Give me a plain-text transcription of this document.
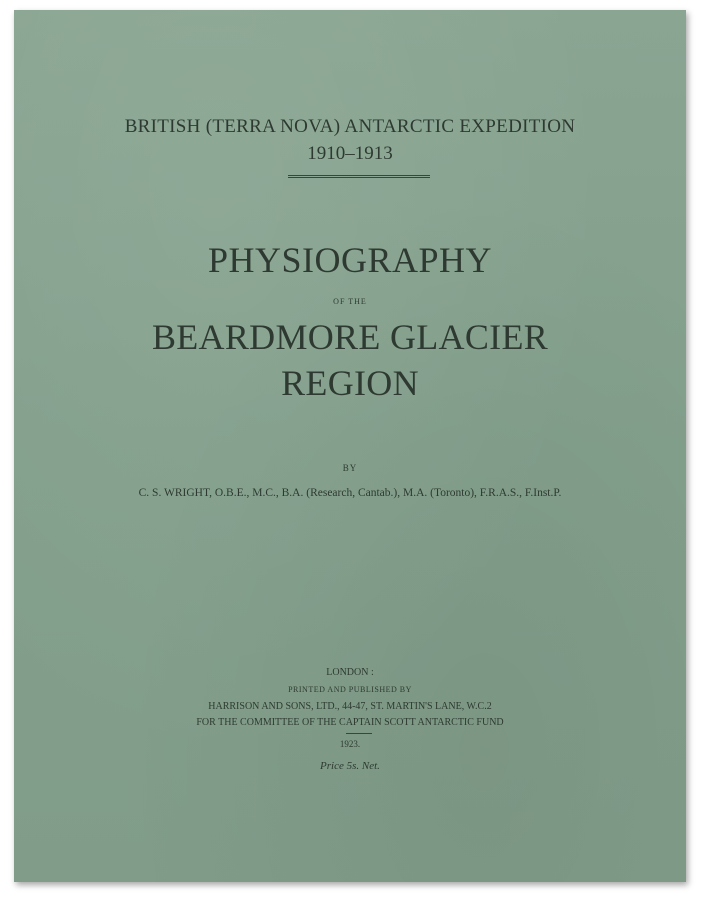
BRITISH (TERRA NOVA) ANTARCTIC EXPEDITION
1910–1913
PHYSIOGRAPHY
OF THE
BEARDMORE GLACIER
REGION
BY
C. S. WRIGHT, O.B.E., M.C., B.A. (Research, Cantab.), M.A. (Toronto), F.R.A.S., F.Inst.P.
LONDON :
PRINTED AND PUBLISHED BY
HARRISON AND SONS, LTD., 44-47, ST. MARTIN'S LANE, W.C.2
FOR THE COMMITTEE OF THE CAPTAIN SCOTT ANTARCTIC FUND
1923.
Price 5s. Net.
